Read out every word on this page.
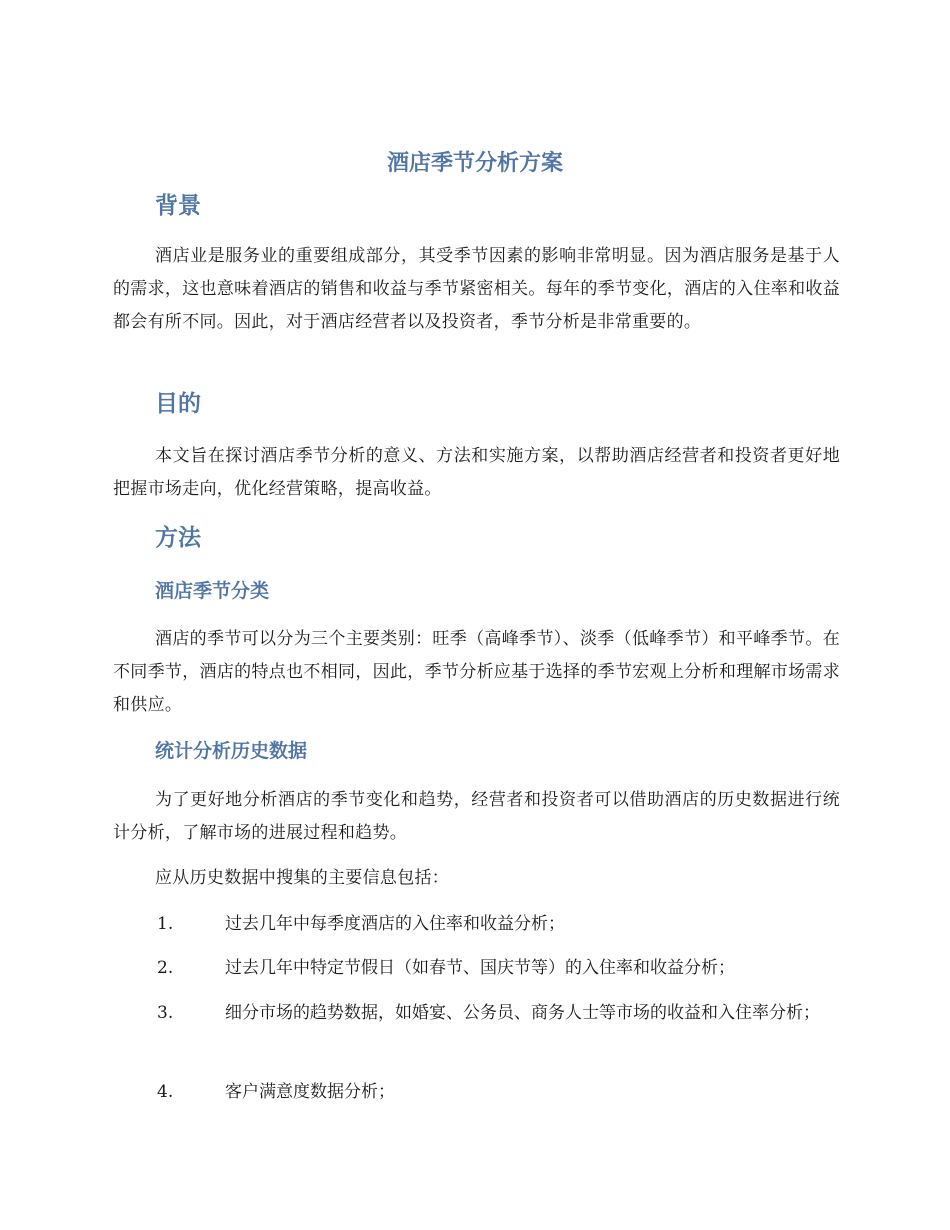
酒店季节分析方案
背景
酒店业是服务业的重要组成部分，其受季节因素的影响非常明显。因为酒店服务是基于人的需求，这也意味着酒店的销售和收益与季节紧密相关。每年的季节变化，酒店的入住率和收益都会有所不同。因此，对于酒店经营者以及投资者，季节分析是非常重要的。
目的
本文旨在探讨酒店季节分析的意义、方法和实施方案，以帮助酒店经营者和投资者更好地把握市场走向，优化经营策略，提高收益。
方法
酒店季节分类
酒店的季节可以分为三个主要类别：旺季（高峰季节）、淡季（低峰季节）和平峰季节。在不同季节，酒店的特点也不相同，因此，季节分析应基于选择的季节宏观上分析和理解市场需求和供应。
统计分析历史数据
为了更好地分析酒店的季节变化和趋势，经营者和投资者可以借助酒店的历史数据进行统计分析，了解市场的进展过程和趋势。
应从历史数据中搜集的主要信息包括：
1.	过去几年中每季度酒店的入住率和收益分析；
2.	过去几年中特定节假日（如春节、国庆节等）的入住率和收益分析；
3.	细分市场的趋势数据，如婚宴、公务员、商务人士等市场的收益和入住率分析；
4.	客户满意度数据分析；
